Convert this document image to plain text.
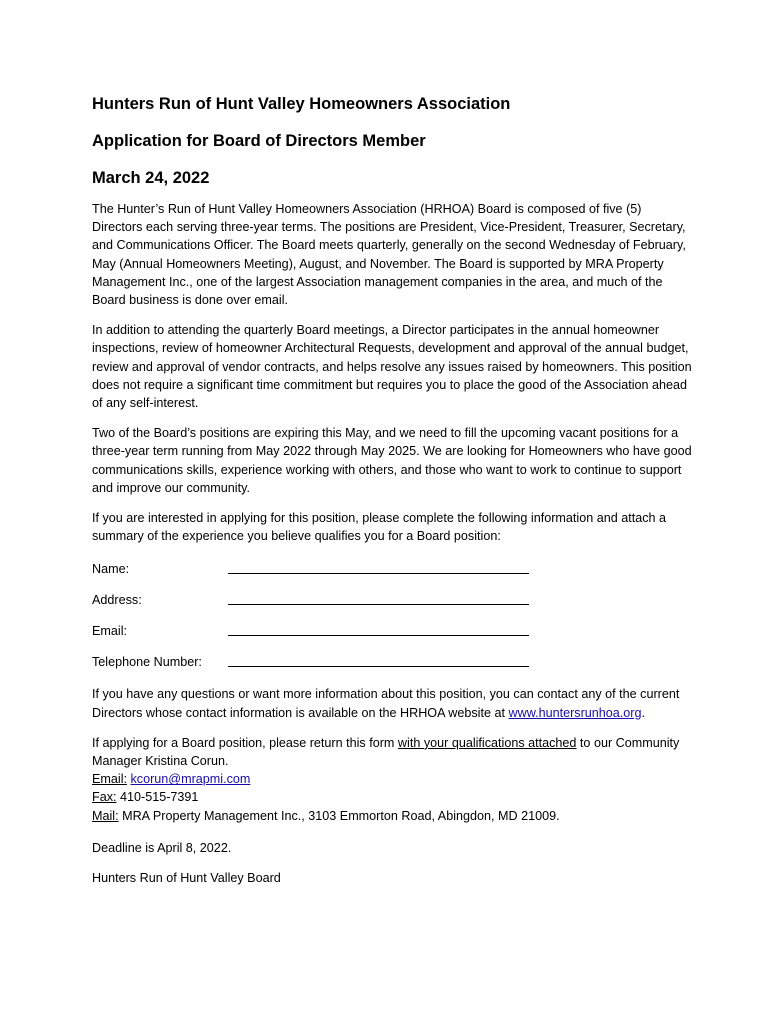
Hunters Run of Hunt Valley Homeowners Association
Application for Board of Directors Member
March 24, 2022

The Hunter’s Run of Hunt Valley Homeowners Association (HRHOA) Board is composed of five (5) Directors each serving three-year terms. The positions are President, Vice-President, Treasurer, Secretary, and Communications Officer. The Board meets quarterly, generally on the second Wednesday of February, May (Annual Homeowners Meeting), August, and November. The Board is supported by MRA Property Management Inc., one of the largest Association management companies in the area, and much of the Board business is done over email.

In addition to attending the quarterly Board meetings, a Director participates in the annual homeowner inspections, review of homeowner Architectural Requests, development and approval of the annual budget, review and approval of vendor contracts, and helps resolve any issues raised by homeowners. This position does not require a significant time commitment but requires you to place the good of the Association ahead of any self-interest.

Two of the Board’s positions are expiring this May, and we need to fill the upcoming vacant positions for a three-year term running from May 2022 through May 2025. We are looking for Homeowners who have good communications skills, experience working with others, and those who want to work to continue to support and improve our community.

If you are interested in applying for this position, please complete the following information and attach a summary of the experience you believe qualifies you for a Board position:

Name:
Address:
Email:
Telephone Number:

If you have any questions or want more information about this position, you can contact any of the current Directors whose contact information is available on the HRHOA website at www.huntersrunhoa.org.

If applying for a Board position, please return this form with your qualifications attached to our Community Manager Kristina Corun.

Email: kcorun@mrapmi.com

Fax: 410-515-7391

Mail: MRA Property Management Inc., 3103 Emmorton Road, Abingdon, MD 21009.

Deadline is April 8, 2022.

Hunters Run of Hunt Valley Board
